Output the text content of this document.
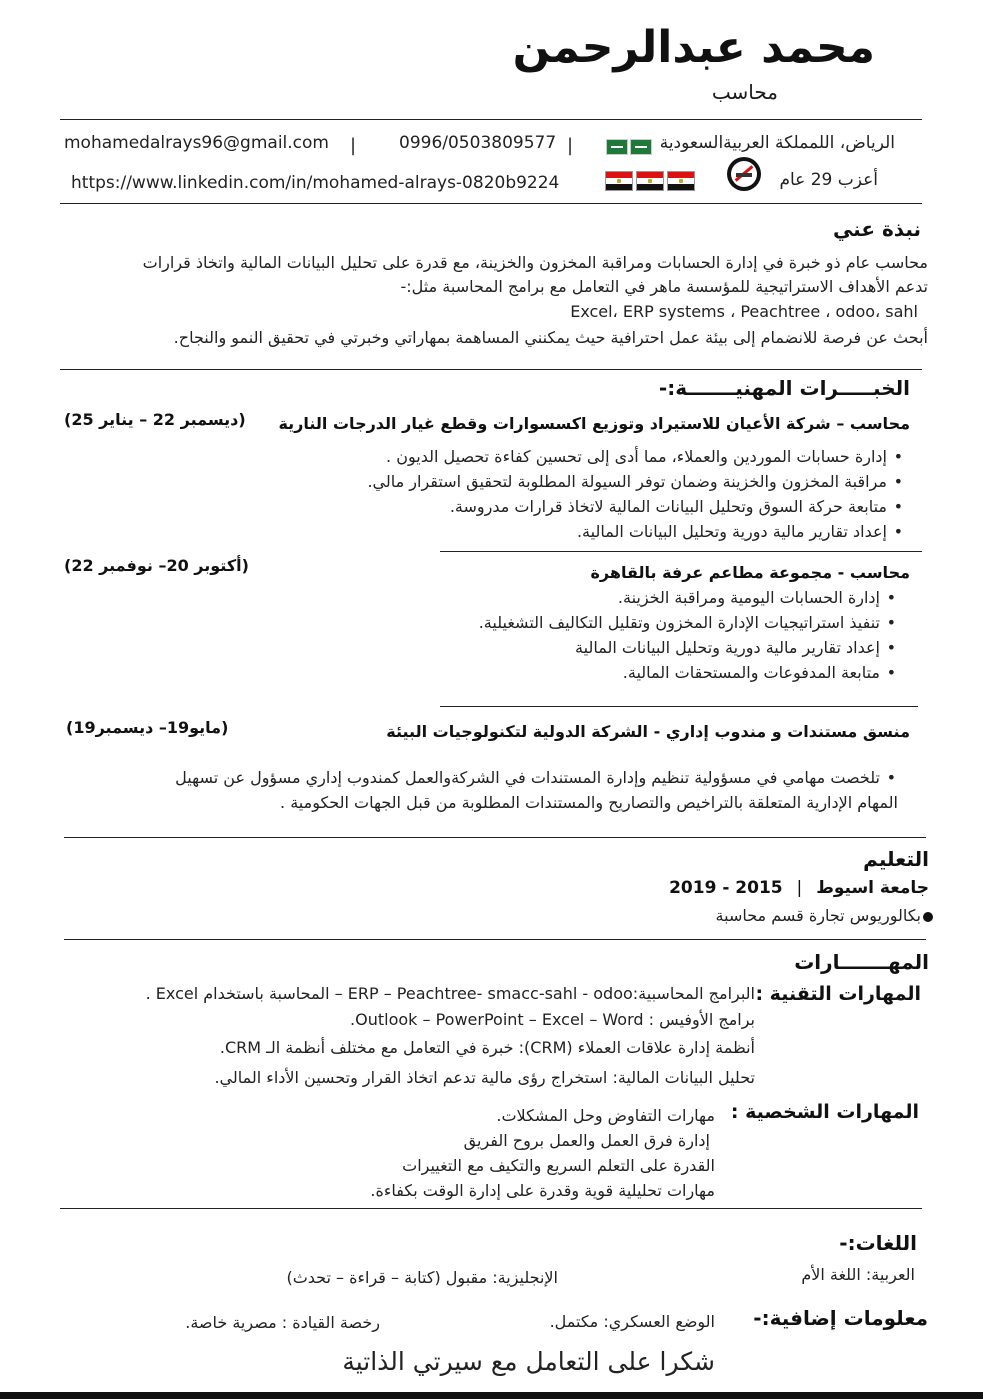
محمد عبدالرحمن
محاسب
mohamedalrays96@gmail.com |	0996/0503809577 |	الرياض، اللمملكة العربيةالسعودية
https://www.linkedin.com/in/mohamed-alrays-0820b9224	أعزب 29 عام
نبذة عني
محاسب عام ذو خبرة في إدارة الحسابات ومراقبة المخزون والخزينة، مع قدرة على تحليل البيانات المالية واتخاذ قرارات
تدعم الأهداف الاستراتيجية للمؤسسة ماهر في التعامل مع برامج المحاسبة مثل:-
Excel، ERP systems ، Peachtree ، odoo، sahl
أبحث عن فرصة للانضمام إلى بيئة عمل احترافية حيث يمكنني المساهمة بمهاراتي وخبرتي في تحقيق النمو والنجاح.
الخبـــــرات المهنيـــــــة:-
محاسب – شركة الأعيان للاستيراد وتوزيع اكسسوارات وقطع غيار الدرجات النارية
(ديسمبر 22 – يناير 25)
• إدارة حسابات الموردين والعملاء، مما أدى إلى تحسين كفاءة تحصيل الديون .
• مراقبة المخزون والخزينة وضمان توفر السيولة المطلوبة لتحقيق استقرار مالي.
• متابعة حركة السوق وتحليل البيانات المالية لاتخاذ قرارات مدروسة.
• إعداد تقارير مالية دورية وتحليل البيانات المالية.
محاسب - مجموعة مطاعم عرفة بالقاهرة
(أكتوبر 20– نوفمبر 22)
• إدارة الحسابات اليومية ومراقبة الخزينة.
• تنفيذ استراتيجيات الإدارة المخزون وتقليل التكاليف التشغيلية.
• إعداد تقارير مالية دورية وتحليل البيانات المالية
• متابعة المدفوعات والمستحقات المالية.
منسق مستندات و مندوب إداري - الشركة الدولية لتكنولوجيات البيئة
(مايو19– ديسمبر19)
• تلخصت مهامي في مسؤولية تنظيم وإدارة المستندات في الشركةوالعمل كمندوب إداري مسؤول عن تسهيل
المهام الإدارية المتعلقة بالتراخيص والتصاريح والمستندات المطلوبة من قبل الجهات الحكومية .
التعليم
جامعة اسيوط | 2019 - 2015
بكالوريوس تجارة قسم محاسبة
المهـــــــارات
المهارات التقنية :
البرامج المحاسبية:ERP – Peachtree- smacc-sahl - odoo – المحاسبة باستخدام Excel .
برامج الأوفيس : Outlook – PowerPoint – Excel – Word.
أنظمة إدارة علاقات العملاء (CRM): خبرة في التعامل مع مختلف أنظمة الـ CRM.
تحليل البيانات المالية: استخراج رؤى مالية تدعم اتخاذ القرار وتحسين الأداء المالي.
المهارات الشخصية :
مهارات التفاوض وحل المشكلات.
إدارة فرق العمل والعمل بروح الفريق
القدرة على التعلم السريع والتكيف مع التغييرات
مهارات تحليلية قوية وقدرة على إدارة الوقت بكفاءة.
اللغات:-
العربية: اللغة الأم
الإنجليزية: مقبول (كتابة – قراءة – تحدث)
معلومات إضافية:-
الوضع العسكري: مكتمل.
رخصة القيادة : مصرية خاصة.
شكرا على التعامل مع سيرتي الذاتية
